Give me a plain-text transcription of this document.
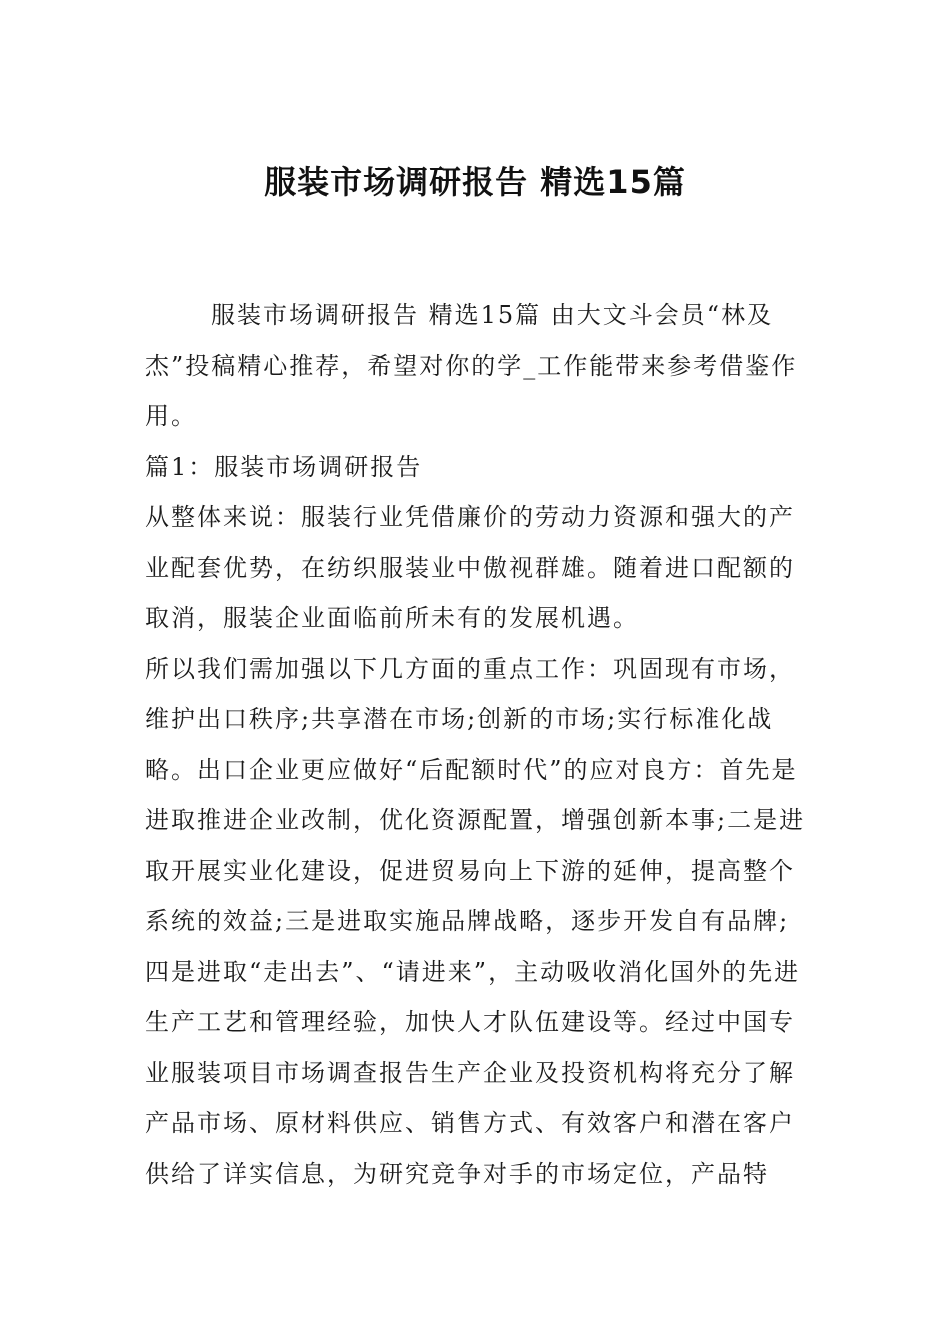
服装市场调研报告 精选15篇

服装市场调研报告 精选15篇 由大文斗会员“林及杰”投稿精心推荐，希望对你的学_工作能带来参考借鉴作用。

篇1：服装市场调研报告

从整体来说：服装行业凭借廉价的劳动力资源和强大的产业配套优势，在纺织服装业中傲视群雄。随着进口配额的取消，服装企业面临前所未有的发展机遇。

所以我们需加强以下几方面的重点工作：巩固现有市场，维护出口秩序;共享潜在市场;创新的市场;实行标准化战略。出口企业更应做好“后配额时代”的应对良方：首先是进取推进企业改制，优化资源配置，增强创新本事;二是进取开展实业化建设，促进贸易向上下游的延伸，提高整个系统的效益;三是进取实施品牌战略，逐步开发自有品牌;四是进取“走出去”、“请进来”，主动吸收消化国外的先进生产工艺和管理经验，加快人才队伍建设等。经过中国专业服装项目市场调查报告生产企业及投资机构将充分了解产品市场、原材料供应、销售方式、有效客户和潜在客户供给了详实信息，为研究竞争对手的市场定位，产品特
